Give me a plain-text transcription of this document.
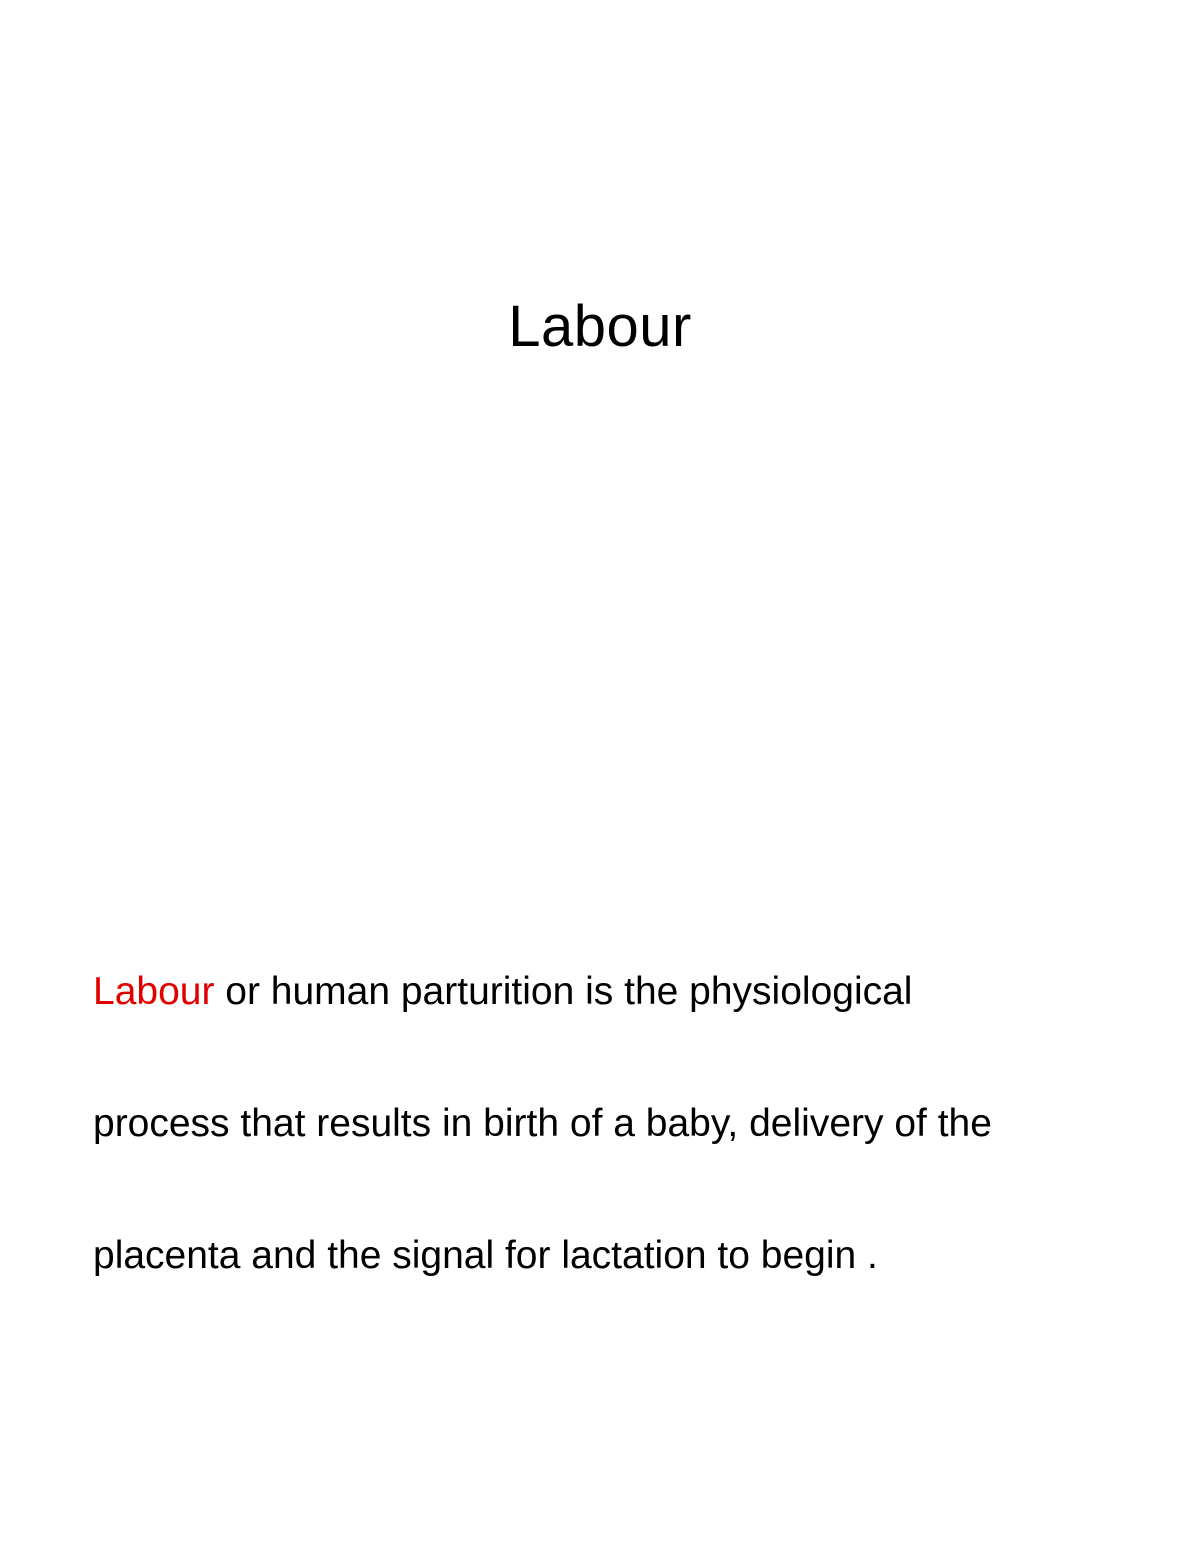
Labour
Labour or human parturition is the physiological
process that results in birth of a baby, delivery of the
placenta and the signal for lactation to begin .
